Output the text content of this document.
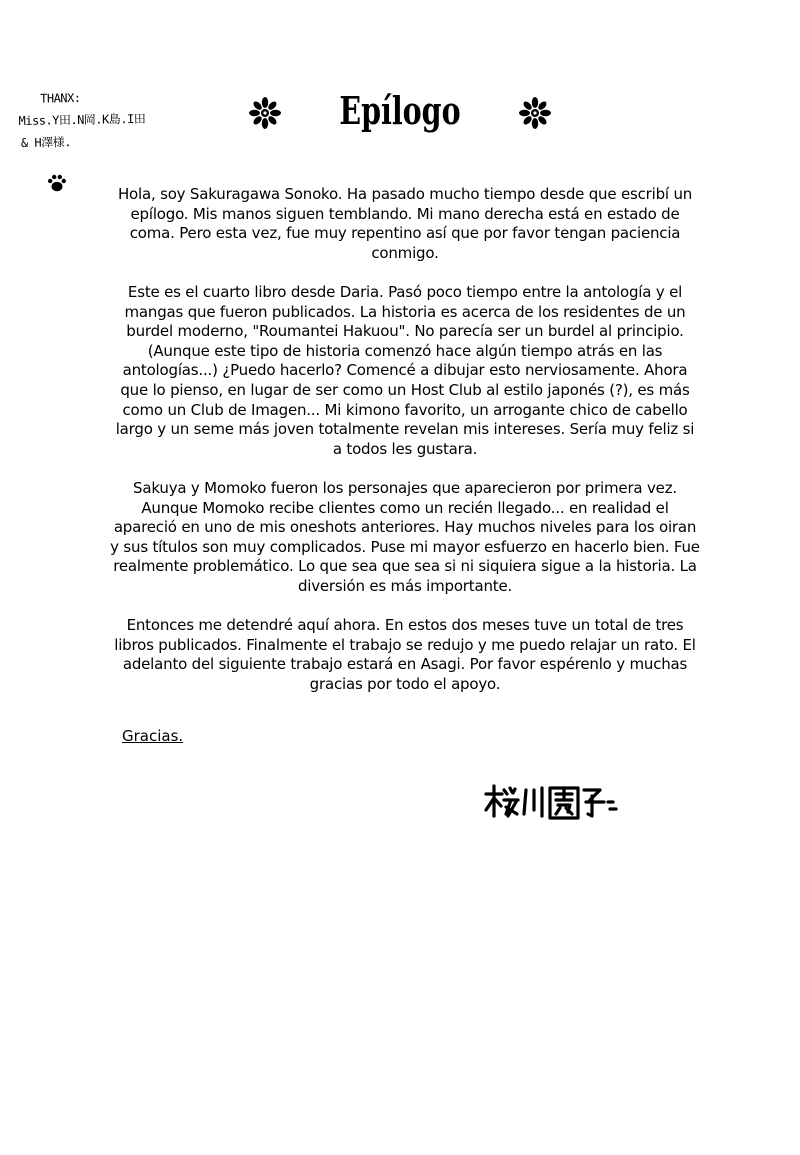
THANX:
Miss.Y田.N岡.K島.I田
& H澤様.
Epílogo

Hola, soy Sakuragawa Sonoko. Ha pasado mucho tiempo desde que escribí un epílogo. Mis manos siguen temblando. Mi mano derecha está en estado de coma. Pero esta vez, fue muy repentino así que por favor tengan paciencia conmigo.

Este es el cuarto libro desde Daria. Pasó poco tiempo entre la antología y el mangas que fueron publicados. La historia es acerca de los residentes de un burdel moderno, "Roumantei Hakuou". No parecía ser un burdel al principio. (Aunque este tipo de historia comenzó hace algún tiempo atrás en las antologías...) ¿Puedo hacerlo? Comencé a dibujar esto nerviosamente. Ahora que lo pienso, en lugar de ser como un Host Club al estilo japonés (?), es más como un Club de Imagen... Mi kimono favorito, un arrogante chico de cabello largo y un seme más joven totalmente revelan mis intereses. Sería muy feliz si a todos les gustara.

Sakuya y Momoko fueron los personajes que aparecieron por primera vez. Aunque Momoko recibe clientes como un recién llegado... en realidad el apareció en uno de mis oneshots anteriores. Hay muchos niveles para los oiran y sus títulos son muy complicados. Puse mi mayor esfuerzo en hacerlo bien. Fue realmente problemático. Lo que sea que sea si ni siquiera sigue a la historia. La diversión es más importante.

Entonces me detendré aquí ahora. En estos dos meses tuve un total de tres libros publicados. Finalmente el trabajo se redujo y me puedo relajar un rato. El adelanto del siguiente trabajo estará en Asagi. Por favor espérenlo y muchas gracias por todo el apoyo.

Gracias.
